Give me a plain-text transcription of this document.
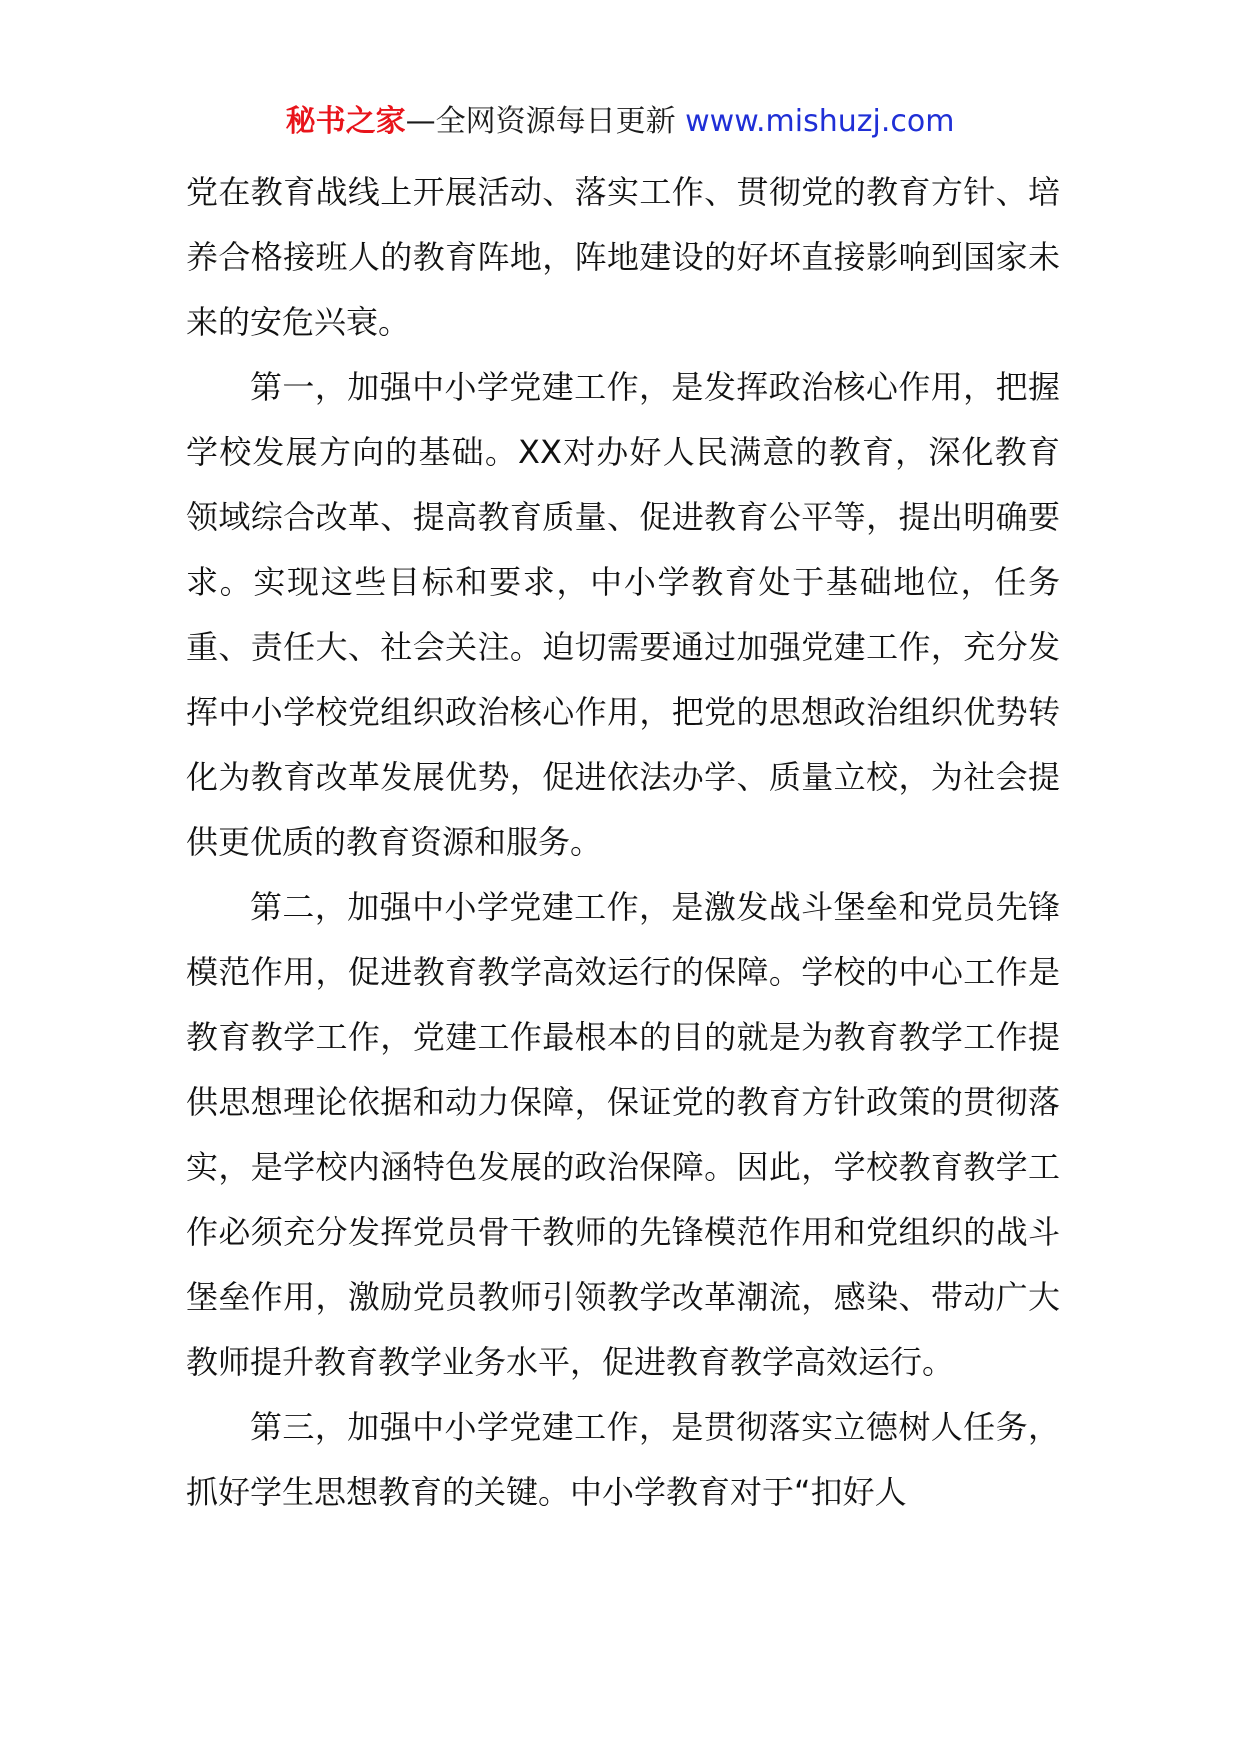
秘书之家—全网资源每日更新 www.mishuzj.com

党在教育战线上开展活动、落实工作、贯彻党的教育方针、培养合格接班人的教育阵地，阵地建设的好坏直接影响到国家未来的安危兴衰。

第一，加强中小学党建工作，是发挥政治核心作用，把握学校发展方向的基础。XX对办好人民满意的教育，深化教育领域综合改革、提高教育质量、促进教育公平等，提出明确要求。实现这些目标和要求，中小学教育处于基础地位，任务重、责任大、社会关注。迫切需要通过加强党建工作，充分发挥中小学校党组织政治核心作用，把党的思想政治组织优势转化为教育改革发展优势，促进依法办学、质量立校，为社会提供更优质的教育资源和服务。

第二，加强中小学党建工作，是激发战斗堡垒和党员先锋模范作用，促进教育教学高效运行的保障。学校的中心工作是教育教学工作，党建工作最根本的目的就是为教育教学工作提供思想理论依据和动力保障，保证党的教育方针政策的贯彻落实，是学校内涵特色发展的政治保障。因此，学校教育教学工作必须充分发挥党员骨干教师的先锋模范作用和党组织的战斗堡垒作用，激励党员教师引领教学改革潮流，感染、带动广大教师提升教育教学业务水平，促进教育教学高效运行。

第三，加强中小学党建工作，是贯彻落实立德树人任务，抓好学生思想教育的关键。中小学教育对于“扣好人
